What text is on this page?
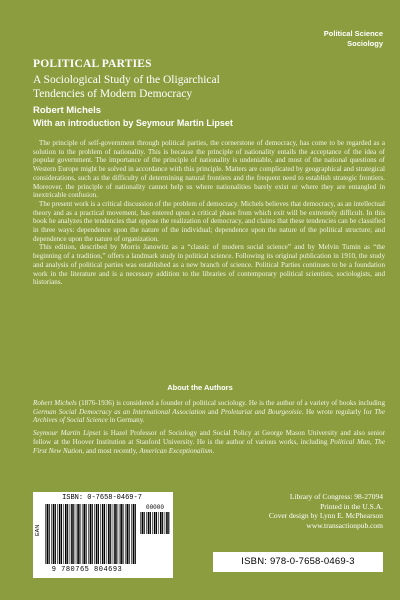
Political Science
Sociology
POLITICAL PARTIES
A Sociological Study of the Oligarchical
Tendencies of Modern Democracy
Robert Michels
With an introduction by Seymour Martin Lipset

The principle of self-government through political parties, the cornerstone of democracy, has come to be regarded as a solution to the problem of nationality. This is because the principle of nationality entails the acceptance of the idea of popular government. The importance of the principle of nationality is undeniable, and most of the national questions of Western Europe might be solved in accordance with this principle. Matters are complicated by geographical and strategical considerations, such as the difficulty of determining natural frontiers and the frequent need to establish strategic frontiers. Moreover, the principle of nationality cannot help us where nationalities barely exist or where they are entangled in inextricable confusion.

The present work is a critical discussion of the problem of democracy. Michels believes that democracy, as an intellectual theory and as a practical movement, has entered upon a critical phase from which exit will be extremely difficult. In this book he analyzes the tendencies that oppose the realization of democracy, and claims that these tendencies can be classified in three ways: dependence upon the nature of the individual; dependence upon the nature of the political structure; and dependence upon the nature of organization.

This edition, described by Morris Janowitz as a “classic of modern social science” and by Melvin Tumin as “the beginning of a tradition,” offers a landmark study in political science. Following its original publication in 1910, the study and analysis of political parties was established as a new branch of science. Political Parties continues to be a foundation work in the literature and is a necessary addition to the libraries of contemporary political scientists, sociologists, and historians.

About the Authors

Robert Michels (1876-1936) is considered a founder of political sociology. He is the author of a variety of books including German Social Democracy as an International Association and Proletariat and Bourgeoisie. He wrote regularly for The Archives of Social Science in Germany.

Seymour Martin Lipset is Hazel Professor of Sociology and Social Policy at George Mason University and also senior fellow at the Hoover Institution at Stanford University. He is the author of various works, including Political Man, The First New Nation, and most recently, American Exceptionalism.

ISBN: 0-7658-0469-7
00000
EAN
9 780765 804693
Library of Congress: 98-27094
Printed in the U.S.A.
Cover design by Lynn E. McPhearson
www.transactionpub.com
ISBN: 978-0-7658-0469-3
